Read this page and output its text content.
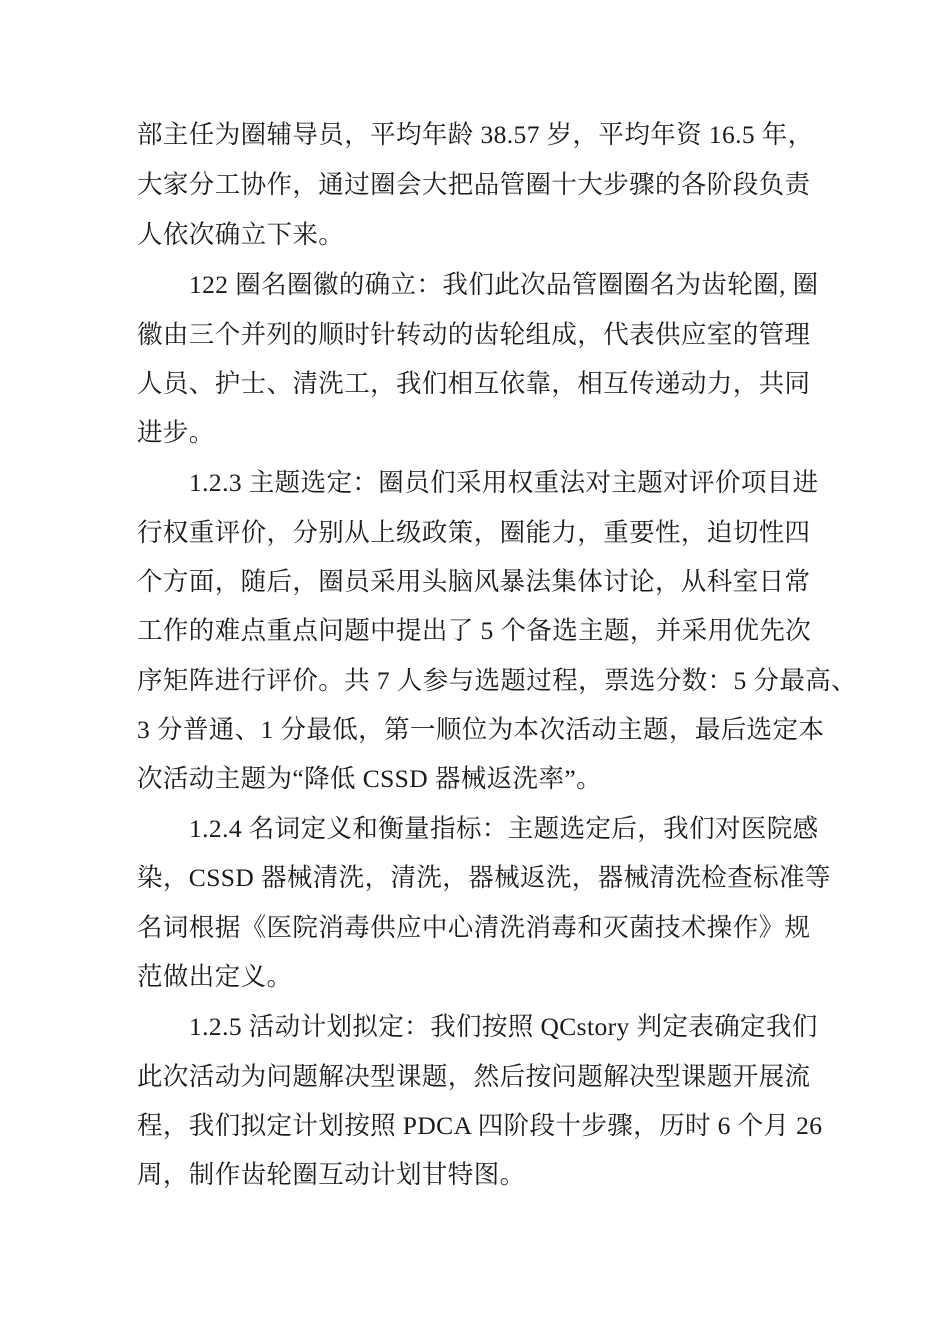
部主任为圈辅导员，平均年龄 38.57 岁，平均年资 16.5 年，
大家分工协作，通过圈会大把品管圈十大步骤的各阶段负责
人依次确立下来。
122 圈名圈徽的确立：我们此次品管圈圈名为齿轮圈, 圈
徽由三个并列的顺时针转动的齿轮组成，代表供应室的管理
人员、护士、清洗工，我们相互依靠，相互传递动力，共同
进步。
1.2.3 主题选定：圈员们采用权重法对主题对评价项目进
行权重评价，分别从上级政策，圈能力，重要性，迫切性四
个方面，随后，圈员采用头脑风暴法集体讨论，从科室日常
工作的难点重点问题中提出了 5 个备选主题，并采用优先次
序矩阵进行评价。共 7 人参与选题过程，票选分数：5 分最高、
3 分普通、1 分最低，第一顺位为本次活动主题，最后选定本
次活动主题为“降低 CSSD 器械返洗率”。
1.2.4 名词定义和衡量指标：主题选定后，我们对医院感
染，CSSD 器械清洗，清洗，器械返洗，器械清洗检查标准等
名词根据《医院消毒供应中心清洗消毒和灭菌技术操作》规
范做出定义。
1.2.5 活动计划拟定：我们按照 QCstory 判定表确定我们
此次活动为问题解决型课题，然后按问题解决型课题开展流
程，我们拟定计划按照 PDCA 四阶段十步骤，历时 6 个月 26
周，制作齿轮圈互动计划甘特图。
